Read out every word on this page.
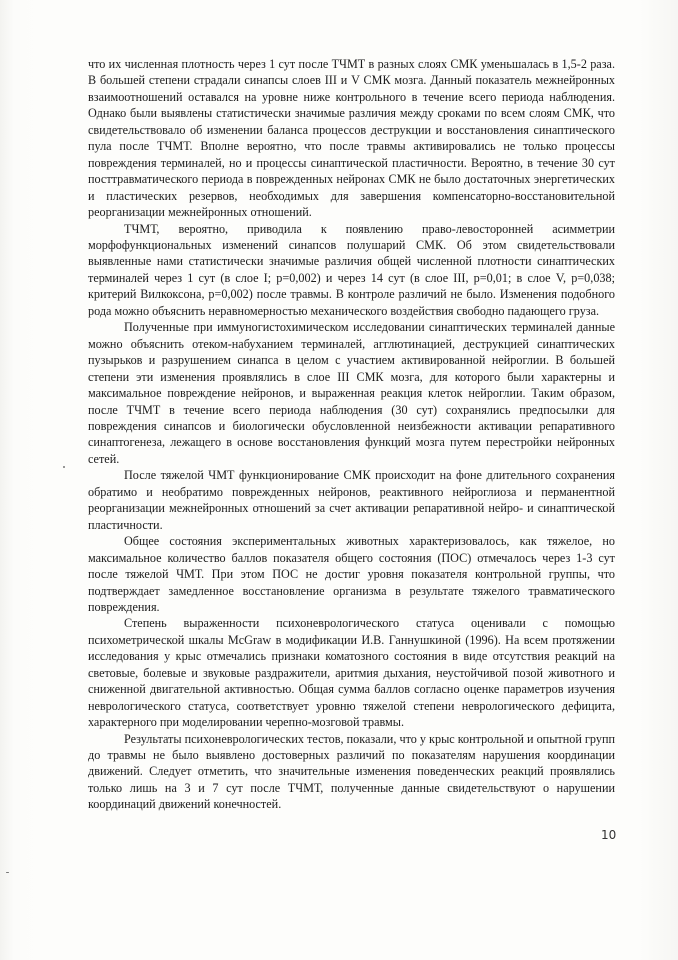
что их численная плотность через 1 сут после ТЧМТ в разных слоях СМК уменьшалась в 1,5-2 раза. В большей степени страдали синапсы слоев III и V СМК мозга. Данный показатель межнейронных взаимоотношений оставался на уровне ниже контрольного в течение всего периода наблюдения. Однако были выявлены статистически значимые различия между сроками по всем слоям СМК, что свидетельствовало об изменении баланса процессов деструкции и восстановления синаптического пула после ТЧМТ. Вполне вероятно, что после травмы активировались не только процессы повреждения терминалей, но и процессы синаптической пластичности. Вероятно, в течение 30 сут посттравматического периода в поврежденных нейронах СМК не было достаточных энергетических и пластических резервов, необходимых для завершения компенсаторно-восстановительной реорганизации межнейронных отношений.

ТЧМТ, вероятно, приводила к появлению право-левосторонней асимметрии морфофункциональных изменений синапсов полушарий СМК. Об этом свидетельствовали выявленные нами статистически значимые различия общей численной плотности синаптических терминалей через 1 сут (в слое I; p=0,002) и через 14 сут (в слое III, p=0,01; в слое V, p=0,038; критерий Вилкоксона, p=0,002) после травмы. В контроле различий не было. Изменения подобного рода можно объяснить неравномерностью механического воздействия свободно падающего груза.

Полученные при иммуногистохимическом исследовании синаптических терминалей данные можно объяснить отеком-набуханием терминалей, агглютинацией, деструкцией синаптических пузырьков и разрушением синапса в целом с участием активированной нейроглии. В большей степени эти изменения проявлялись в слое III СМК мозга, для которого были характерны и максимальное повреждение нейронов, и выраженная реакция клеток нейроглии. Таким образом, после ТЧМТ в течение всего периода наблюдения (30 сут) сохранялись предпосылки для повреждения синапсов и биологически обусловленной неизбежности активации репаративного синаптогенеза, лежащего в основе восстановления функций мозга путем перестройки нейронных сетей.

После тяжелой ЧМТ функционирование СМК происходит на фоне длительного сохранения обратимо и необратимо поврежденных нейронов, реактивного нейроглиоза и перманентной реорганизации межнейронных отношений за счет активации репаративной нейро- и синаптической пластичности.

Общее состояния экспериментальных животных характеризовалось, как тяжелое, но максимальное количество баллов показателя общего состояния (ПОС) отмечалось через 1-3 сут после тяжелой ЧМТ. При этом ПОС не достиг уровня показателя контрольной группы, что подтверждает замедленное восстановление организма в результате тяжелого травматического повреждения.

Степень выраженности психоневрологического статуса оценивали с помощью психометрической шкалы McGraw в модификации И.В. Ганнушкиной (1996). На всем протяжении исследования у крыс отмечались признаки коматозного состояния в виде отсутствия реакций на световые, болевые и звуковые раздражители, аритмия дыхания, неустойчивой позой животного и сниженной двигательной активностью. Общая сумма баллов согласно оценке параметров изучения неврологического статуса, соответствует уровню тяжелой степени неврологического дефицита, характерного при моделировании черепно-мозговой травмы.

Результаты психоневрологических тестов, показали, что у крыс контрольной и опытной групп до травмы не было выявлено достоверных различий по показателям нарушения координации движений. Следует отметить, что значительные изменения поведенческих реакций проявлялись только лишь на 3 и 7 сут после ТЧМТ, полученные данные свидетельствуют о нарушении координаций движений конечностей.

10
